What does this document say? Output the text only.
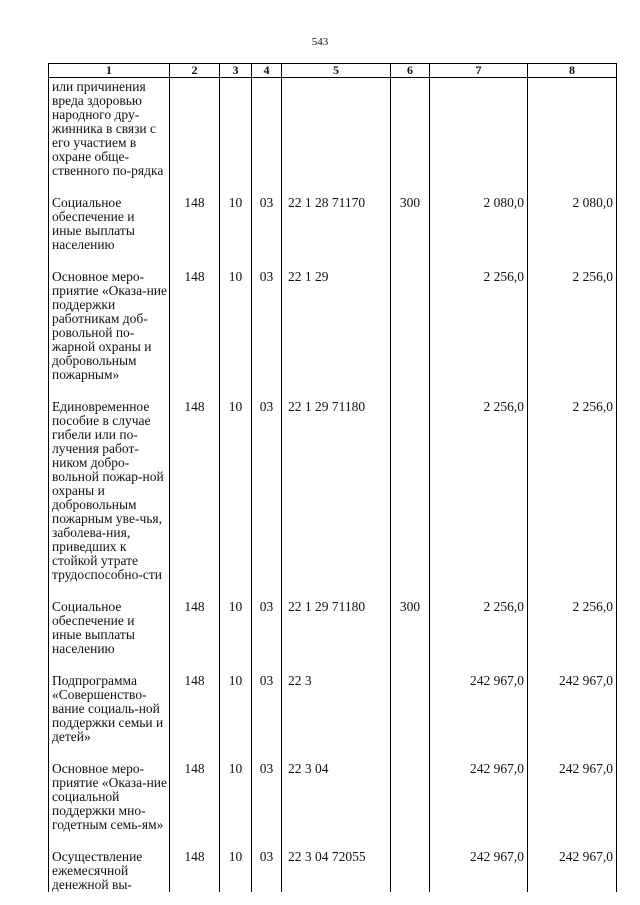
543
1	2	3	4	5	6	7	8
или причинения вреда здоровью народного дру-жинника в связи с его участием в охране обще-ственного по-рядка							

Социальное обеспечение и иные выплаты населению	148	10	03	22 1 28 71170	300	2 080,0	2 080,0

Основное меро-приятие «Оказа-ние поддержки работникам доб-ровольной по-жарной охраны и добровольным пожарным»	148	10	03	22 1 29		2 256,0	2 256,0

Единовременное пособие в случае гибели или по-лучения работ-ником добро-вольной пожар-ной охраны и добровольным пожарным уве-чья, заболева-ния, приведших к стойкой утрате трудоспособно-сти	148	10	03	22 1 29 71180		2 256,0	2 256,0

Социальное обеспечение и иные выплаты населению	148	10	03	22 1 29 71180	300	2 256,0	2 256,0

Подпрограмма «Совершенство-вание социаль-ной поддержки семьи и детей»	148	10	03	22 3		242 967,0	242 967,0

Основное меро-приятие «Оказа-ние социальной поддержки мно-годетным семь-ям»	148	10	03	22 3 04		242 967,0	242 967,0

Осуществление ежемесячной денежной вы-	148	10	03	22 3 04 72055		242 967,0	242 967,0
